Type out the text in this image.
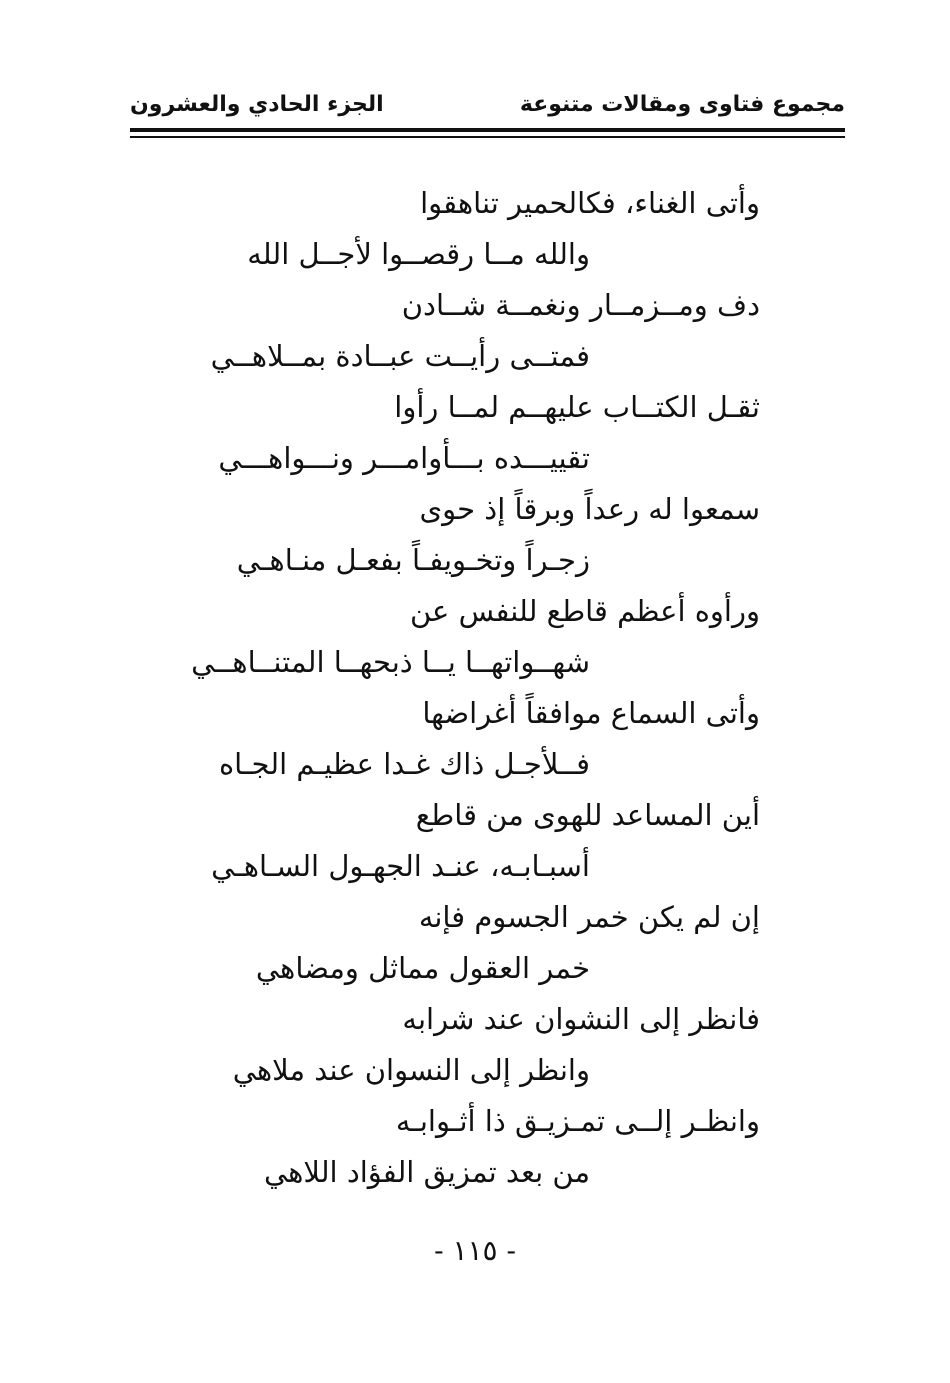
مجموع فتاوى ومقالات متنوعة
الجزء الحادي والعشرون
وأتى الغناء، فكالحمير تناهقوا
والله مــا رقصــوا لأجــل الله
دف ومــزمــار ونغمــة شــادن
فمتــى رأيــت عبــادة بمــلاهــي
ثقـل الكتــاب عليهــم لمــا رأوا
تقييـــده بـــأوامـــر ونـــواهـــي
سمعوا له رعداً وبرقاً إذ حوى
زجـراً وتخـويفـاً بفعـل منـاهـي
ورأوه أعظم قاطع للنفس عن
شهــواتهــا يــا ذبحهــا المتنــاهــي
وأتى السماع موافقاً أغراضها
فــلأجـل ذاك غـدا عظيـم الجـاه
أين المساعد للهوى من قاطع
أسبـابـه، عنـد الجهـول السـاهـي
إن لم يكن خمر الجسوم فإنه
خمر العقول مماثل ومضاهي
فانظر إلى النشوان عند شرابه
وانظر إلى النسوان عند ملاهي
وانظـر إلــى تمـزيـق ذا أثـوابـه
من بعد تمزيق الفؤاد اللاهي
- ١١٥ -
